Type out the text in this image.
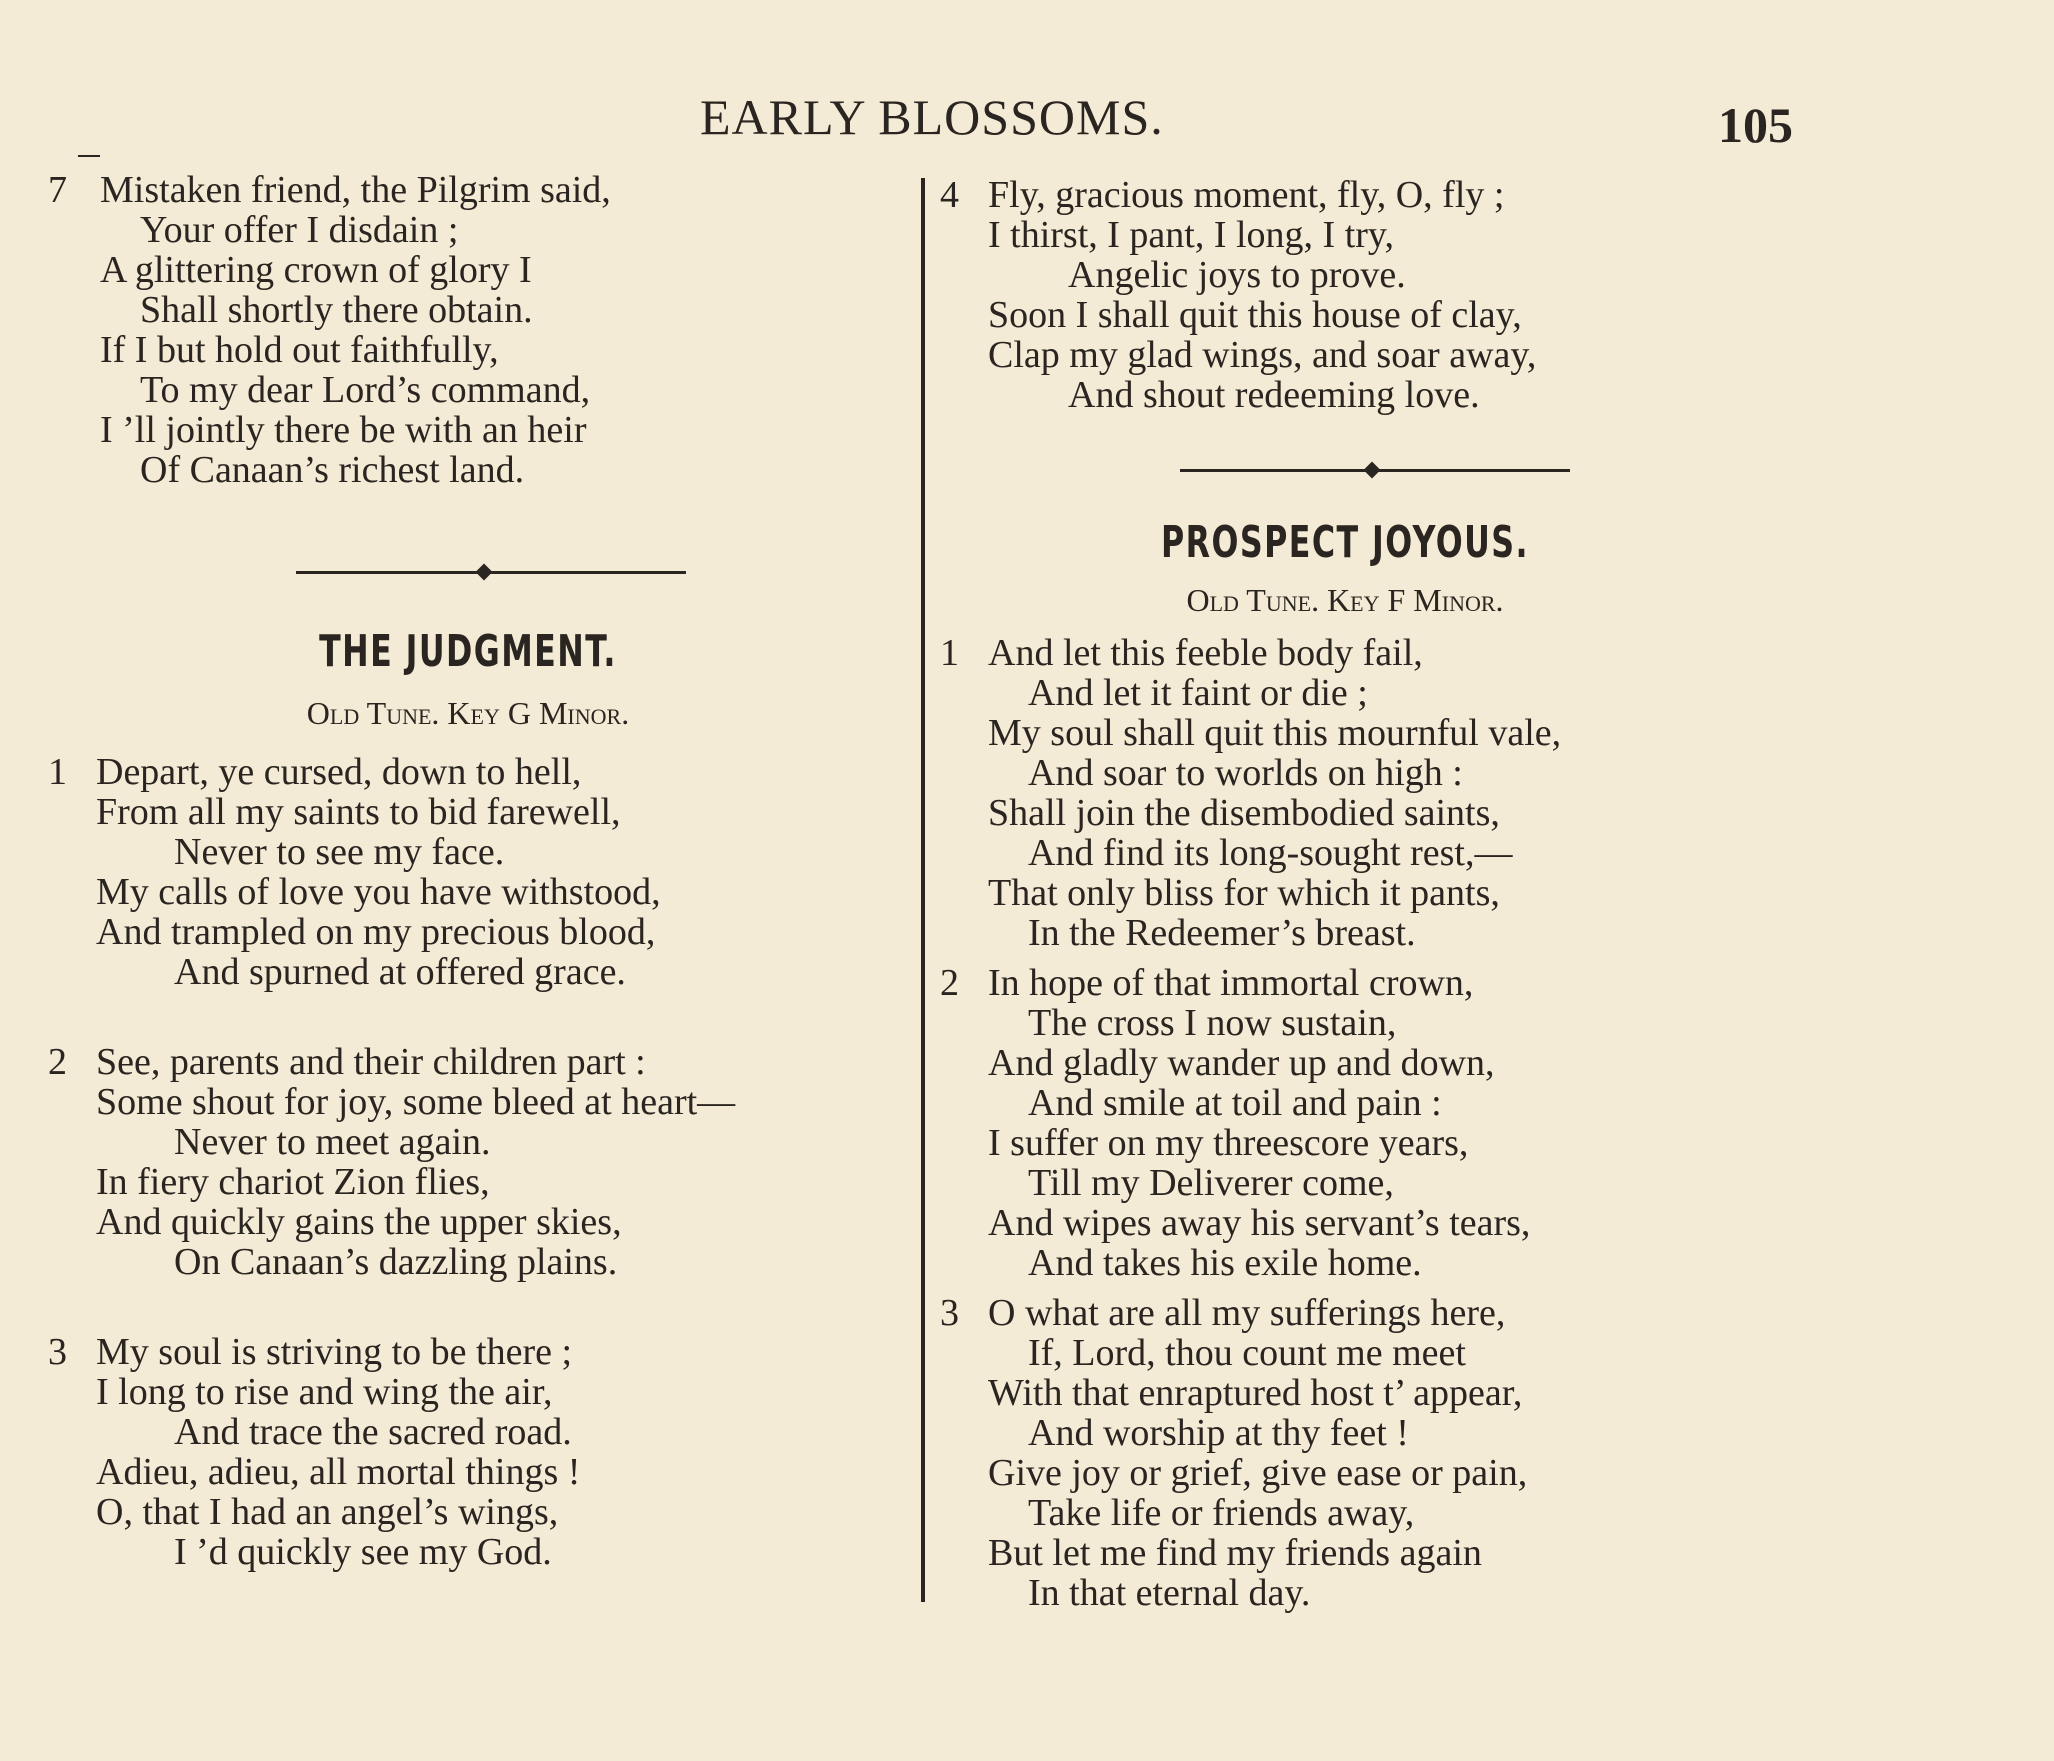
EARLY BLOSSOMS.	105
7 Mistaken friend, the Pilgrim said,
Your offer I disdain ;
A glittering crown of glory I
Shall shortly there obtain.
If I but hold out faithfully,
To my dear Lord’s command,
I ’ll jointly there be with an heir
Of Canaan’s richest land.
THE JUDGMENT.
Old Tune. Key G Minor.
1 Depart, ye cursed, down to hell,
From all my saints to bid farewell,
Never to see my face.
My calls of love you have withstood,
And trampled on my precious blood,
And spurned at offered grace.
2 See, parents and their children part :
Some shout for joy, some bleed at heart—
Never to meet again.
In fiery chariot Zion flies,
And quickly gains the upper skies,
On Canaan’s dazzling plains.
3 My soul is striving to be there ;
I long to rise and wing the air,
And trace the sacred road.
Adieu, adieu, all mortal things !
O, that I had an angel’s wings,
I ’d quickly see my God.
4 Fly, gracious moment, fly, O, fly ;
I thirst, I pant, I long, I try,
Angelic joys to prove.
Soon I shall quit this house of clay,
Clap my glad wings, and soar away,
And shout redeeming love.
PROSPECT JOYOUS.
Old Tune. Key F Minor.
1 And let this feeble body fail,
And let it faint or die ;
My soul shall quit this mournful vale,
And soar to worlds on high :
Shall join the disembodied saints,
And find its long-sought rest,—
That only bliss for which it pants,
In the Redeemer’s breast.
2 In hope of that immortal crown,
The cross I now sustain,
And gladly wander up and down,
And smile at toil and pain :
I suffer on my threescore years,
Till my Deliverer come,
And wipes away his servant’s tears,
And takes his exile home.
3 O what are all my sufferings here,
If, Lord, thou count me meet
With that enraptured host t’ appear,
And worship at thy feet !
Give joy or grief, give ease or pain,
Take life or friends away,
But let me find my friends again
In that eternal day.
